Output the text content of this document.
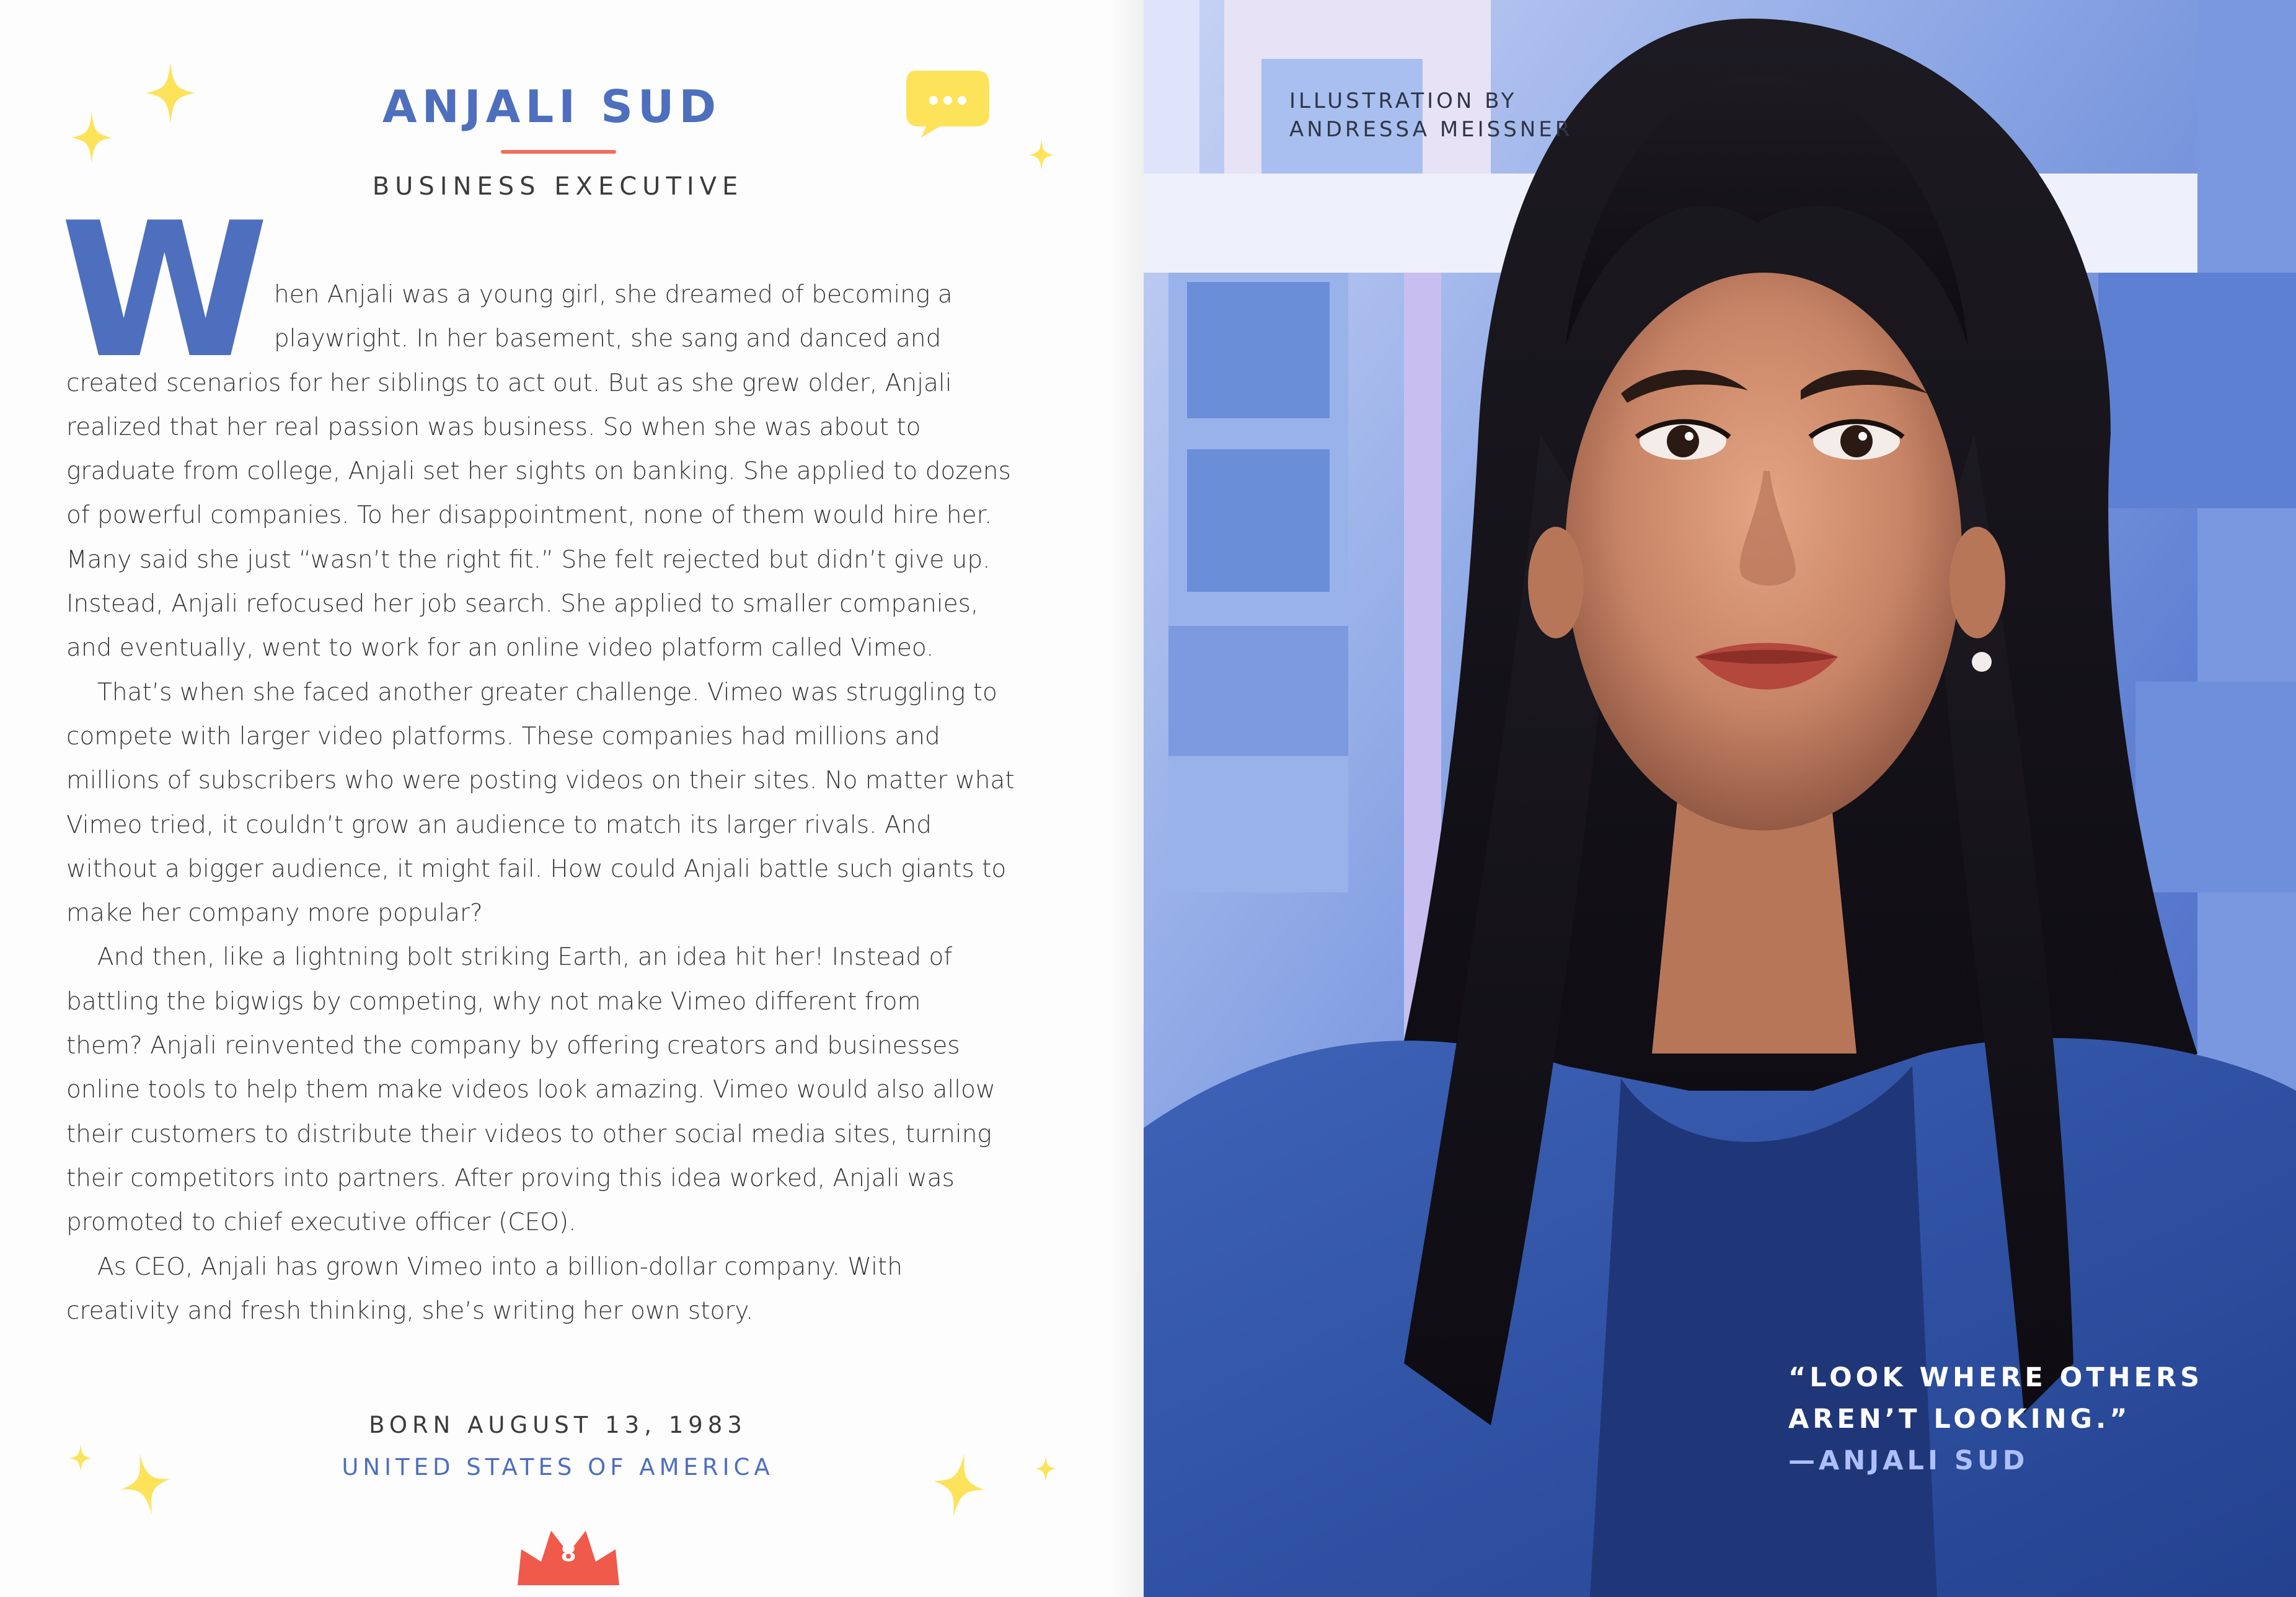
ANJALI SUD
BUSINESS EXECUTIVE
W hen Anjali was a young girl, she dreamed of becoming a
playwright. In her basement, she sang and danced and
created scenarios for her siblings to act out. But as she grew older, Anjali
realized that her real passion was business. So when she was about to
graduate from college, Anjali set her sights on banking. She applied to dozens
of powerful companies. To her disappointment, none of them would hire her.
Many said she just “wasn’t the right fit.” She felt rejected but didn’t give up.
Instead, Anjali refocused her job search. She applied to smaller companies,
and eventually, went to work for an online video platform called Vimeo.
That’s when she faced another greater challenge. Vimeo was struggling to
compete with larger video platforms. These companies had millions and
millions of subscribers who were posting videos on their sites. No matter what
Vimeo tried, it couldn’t grow an audience to match its larger rivals. And
without a bigger audience, it might fail. How could Anjali battle such giants to
make her company more popular?
And then, like a lightning bolt striking Earth, an idea hit her! Instead of
battling the bigwigs by competing, why not make Vimeo different from
them? Anjali reinvented the company by offering creators and businesses
online tools to help them make videos look amazing. Vimeo would also allow
their customers to distribute their videos to other social media sites, turning
their competitors into partners. After proving this idea worked, Anjali was
promoted to chief executive officer (CEO).
As CEO, Anjali has grown Vimeo into a billion-dollar company. With
creativity and fresh thinking, she’s writing her own story.
BORN AUGUST 13, 1983
UNITED STATES OF AMERICA
8
ILLUSTRATION BY
ANDRESSA MEISSNER
“LOOK WHERE OTHERS
AREN’T LOOKING.”
—ANJALI SUD
